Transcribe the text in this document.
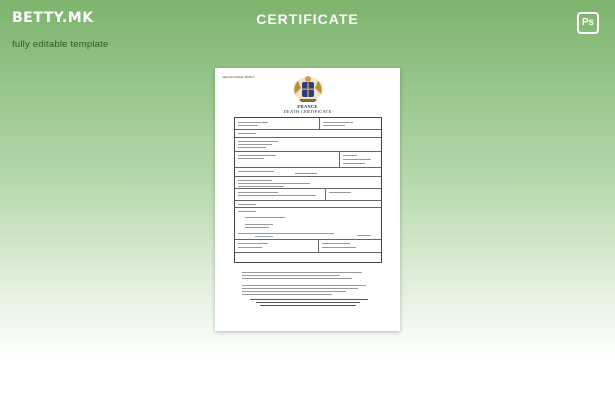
BETTY.MK
fully editable template
CERTIFICATE	Ps
Application Number: FD29573
FRANCE
DEATH CERTIFICATE
